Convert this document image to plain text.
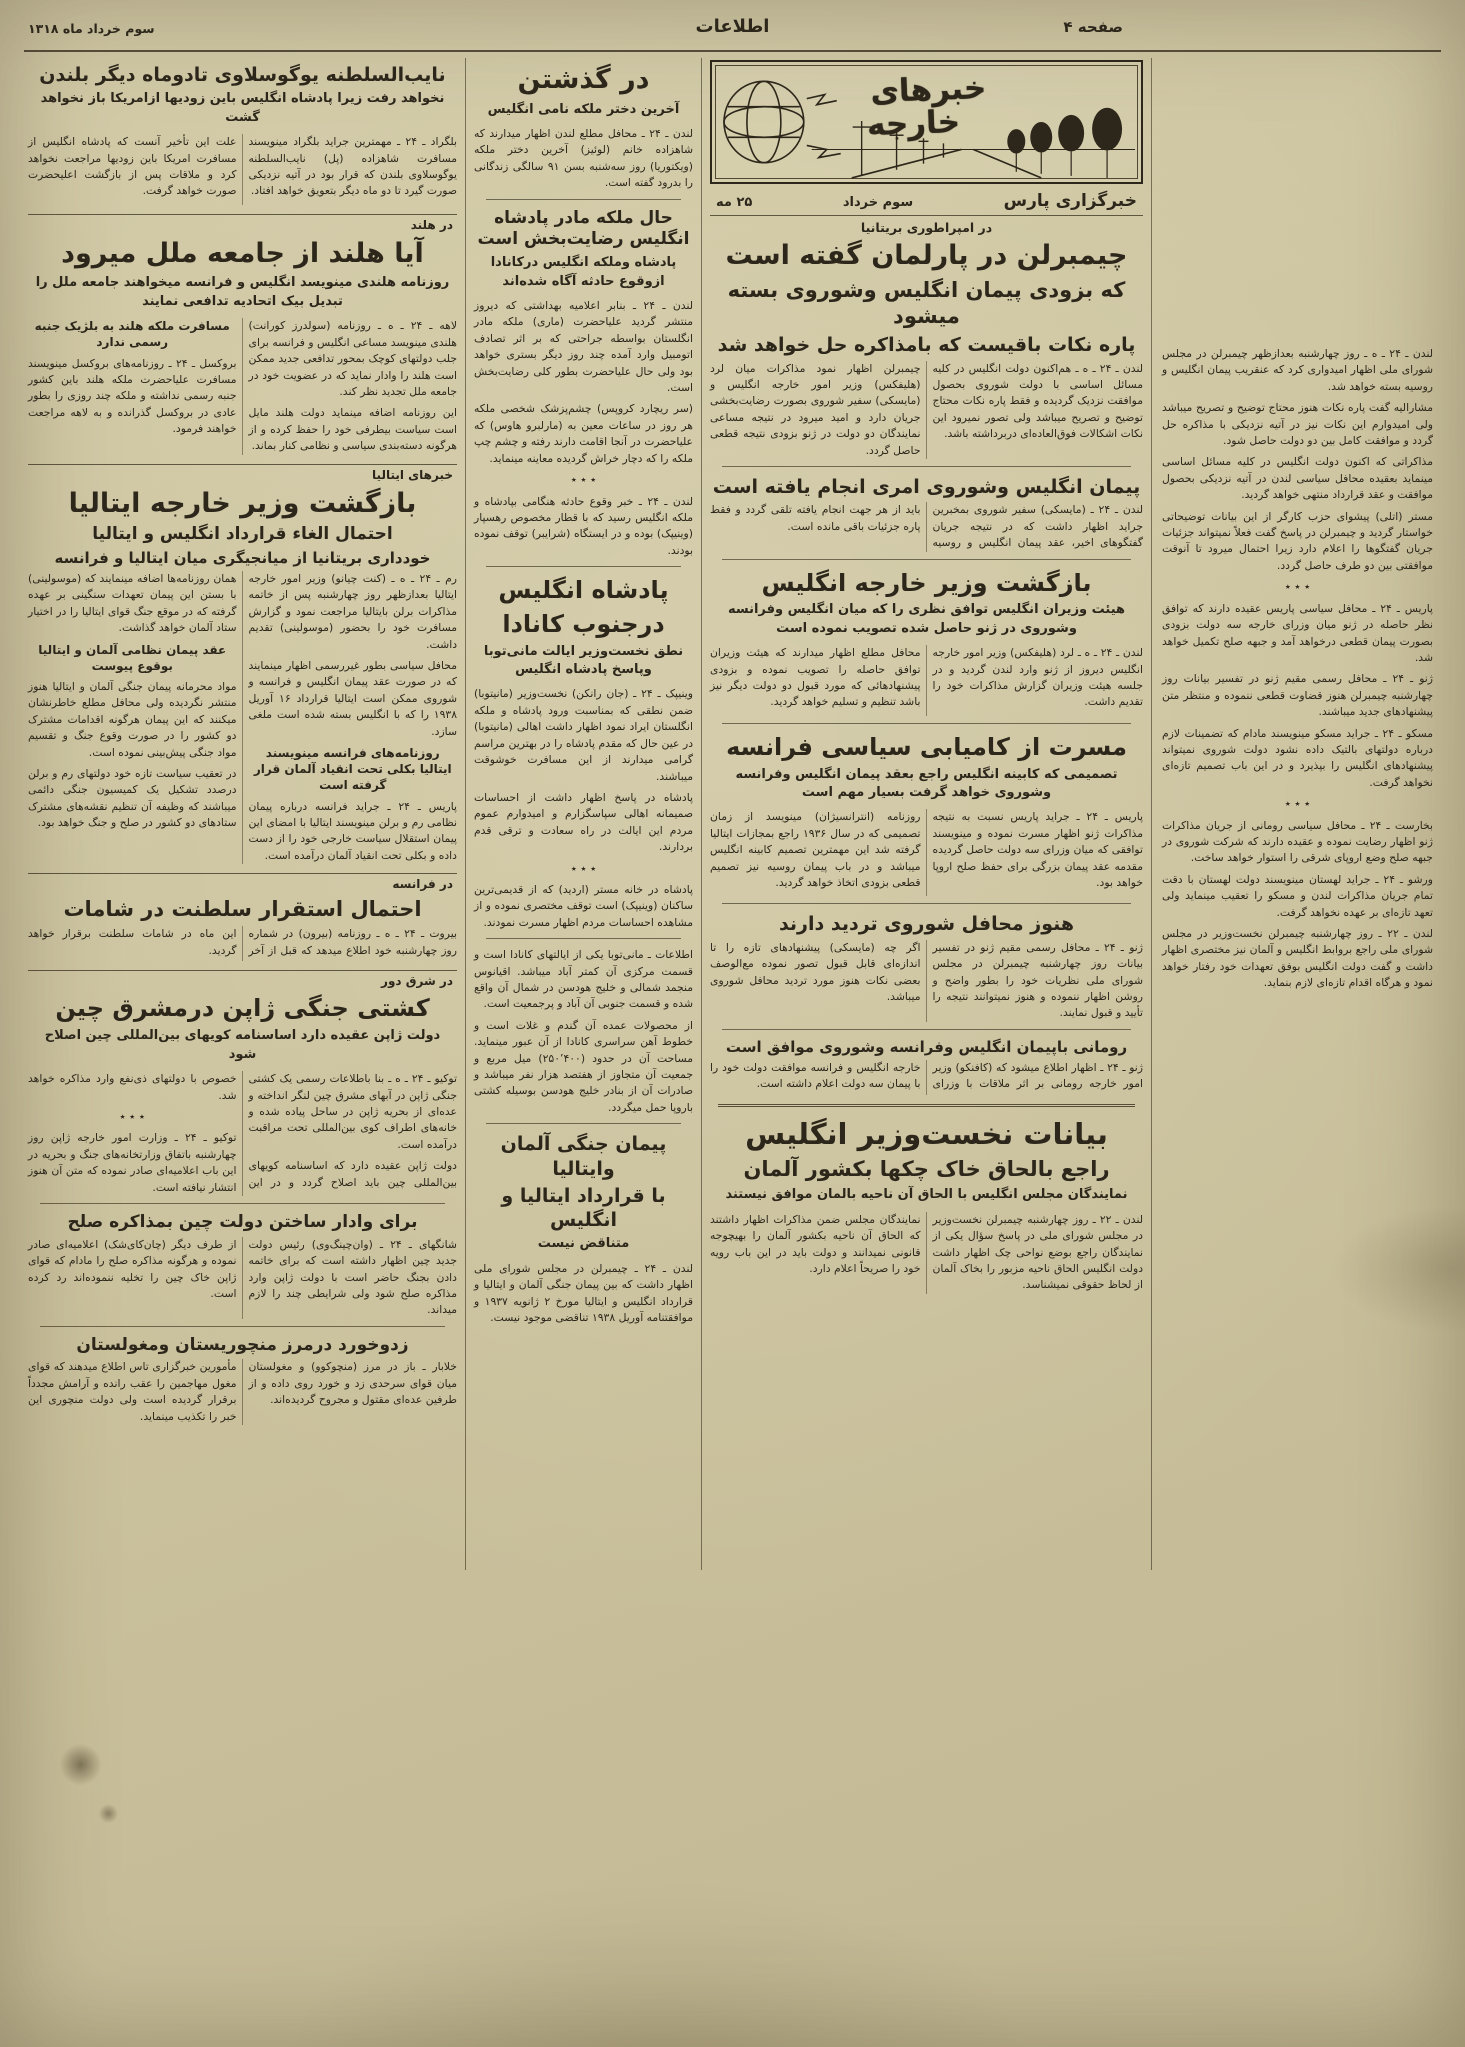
صفحه ۴
اطلاعات
سوم خرداد ماه ۱۳۱۸

لندن ـ ۲۴ ـ ه ـ روز چهارشنبه بعدازظهر چیمبرلن در مجلس شورای ملی اظهار امیدواری کرد که عنقریب پیمان انگلیس و روسیه بسته خواهد شد.

مشارالیه گفت پاره نکات هنوز محتاج توضیح و تصریح میباشد ولی امیدوارم این نکات نیز در آتیه نزدیکی با مذاکره حل گردد و موافقت کامل بین دو دولت حاصل شود.

مذاکراتی که اکنون دولت انگلیس در کلیه مسائل اساسی مینماید بعقیده محافل سیاسی لندن در آتیه نزدیکی بحصول موافقت و عقد قرارداد منتهی خواهد گردید.

مستر (اتلی) پیشوای حزب کارگر از این بیانات توضیحاتی خواستار گردید و چیمبرلن در پاسخ گفت فعلاً نمیتواند جزئیات جریان گفتگوها را اعلام دارد زیرا احتمال میرود تا آنوقت موافقتی بین دو طرف حاصل گردد.

٭ ٭ ٭

پاریس ـ ۲۴ ـ محافل سیاسی پاریس عقیده دارند که توافق نظر حاصله در ژنو میان وزرای خارجه سه دولت بزودی بصورت پیمان قطعی درخواهد آمد و جبهه صلح تکمیل خواهد شد.

ژنو ـ ۲۴ ـ محافل رسمی مقیم ژنو در تفسیر بیانات روز چهارشنبه چیمبرلن هنوز قضاوت قطعی ننموده و منتظر متن پیشنهادهای جدید میباشند.

مسکو ـ ۲۴ ـ جراید مسکو مینویسند مادام که تضمینات لازم درباره دولتهای بالتیک داده نشود دولت شوروی نمیتواند پیشنهادهای انگلیس را بپذیرد و در این باب تصمیم تازه‌ای نخواهد گرفت.

٭ ٭ ٭

بخارست ـ ۲۴ ـ محافل سیاسی رومانی از جریان مذاکرات ژنو اظهار رضایت نموده و عقیده دارند که شرکت شوروی در جبهه صلح وضع اروپای شرقی را استوار خواهد ساخت.

ورشو ـ ۲۴ ـ جراید لهستان مینویسند دولت لهستان با دقت تمام جریان مذاکرات لندن و مسکو را تعقیب مینماید ولی تعهد تازه‌ای بر عهده نخواهد گرفت.

لندن ـ ۲۲ ـ روز چهارشنبه چیمبرلن نخست‌وزیر در مجلس شورای ملی راجع بروابط انگلیس و آلمان نیز مختصری اظهار داشت و گفت دولت انگلیس بوفق تعهدات خود رفتار خواهد نمود و هرگاه اقدام تازه‌ای لازم بنماید.

خبرهای
خارجه
خبرگزاری پارس
سوم خرداد
۲۵ مه
در امپراطوری بریتانیا
چیمبرلن در پارلمان گفته است
که بزودی پیمان انگلیس وشوروی بسته میشود
پاره نکات باقیست که بامذاکره حل خواهد شد

لندن ـ ۲۴ ـ ه ـ هم‌اکنون دولت انگلیس در کلیه مسائل اساسی با دولت شوروی بحصول موافقت نزدیک گردیده و فقط پاره نکات محتاج توضیح و تصریح میباشد ولی تصور نمیرود این نکات اشکالات فوق‌العاده‌ای دربرداشته باشد.

چیمبرلن اظهار نمود مذاکرات میان لرد (هلیفکس) وزیر امور خارجه انگلیس و (مایسکی) سفیر شوروی بصورت رضایت‌بخشی جریان دارد و امید میرود در نتیجه مساعی نمایندگان دو دولت در ژنو بزودی نتیجه قطعی حاصل گردد.

پیمان انگلیس وشوروی امری انجام یافته است

لندن ـ ۲۴ ـ (مایسکی) سفیر شوروی بمخبرین جراید اظهار داشت که در نتیجه جریان گفتگوهای اخیر، عقد پیمان انگلیس و روسیه باید از هر جهت انجام یافته تلقی گردد و فقط پاره جزئیات باقی مانده است.

بازگشت وزیر خارجه انگلیس
هیئت وزیران انگلیس توافق نظری را که میان انگلیس وفرانسه وشوروی در ژنو حاصل شده تصویب نموده است

لندن ـ ۲۴ ـ ه ـ لرد (هلیفکس) وزیر امور خارجه انگلیس دیروز از ژنو وارد لندن گردید و در جلسه هیئت وزیران گزارش مذاکرات خود را تقدیم داشت.

محافل مطلع اظهار میدارند که هیئت وزیران توافق حاصله را تصویب نموده و بزودی پیشنهادهائی که مورد قبول دو دولت دیگر نیز باشد تنظیم و تسلیم خواهد گردید.

مسرت از کامیابی سیاسی فرانسه
تصمیمی که کابینه انگلیس راجع بعقد پیمان انگلیس وفرانسه وشوروی خواهد گرفت بسیار مهم است

پاریس ـ ۲۴ ـ جراید پاریس نسبت به نتیجه مذاکرات ژنو اظهار مسرت نموده و مینویسند توافقی که میان وزرای سه دولت حاصل گردیده مقدمه عقد پیمان بزرگی برای حفظ صلح اروپا خواهد بود.

روزنامه (انترانسیژان) مینویسد از زمان تصمیمی که در سال ۱۹۳۶ راجع بمجازات ایتالیا گرفته شد این مهمترین تصمیم کابینه انگلیس میباشد و در باب پیمان روسیه نیز تصمیم قطعی بزودی اتخاذ خواهد گردید.

هنوز محافل شوروی تردید دارند

ژنو ـ ۲۴ ـ محافل رسمی مقیم ژنو در تفسیر بیانات روز چهارشنبه چیمبرلن در مجلس شورای ملی نظریات خود را بطور واضح و روشن اظهار ننموده و هنوز نمیتوانند نتیجه را تأیید و قبول نمایند.

اگر چه (مایسکی) پیشنهادهای تازه را تا اندازه‌ای قابل قبول تصور نموده مع‌الوصف بعضی نکات هنوز مورد تردید محافل شوروی میباشد.

رومانی باپیمان انگلیس وفرانسه وشوروی موافق است

ژنو ـ ۲۴ ـ اظهار اطلاع میشود که (کافنکو) وزیر امور خارجه رومانی بر اثر ملاقات با وزرای خارجه انگلیس و فرانسه موافقت دولت خود را با پیمان سه دولت اعلام داشته است.

بیانات نخست‌وزیر انگلیس
راجع بالحاق خاک چکها بکشور آلمان
نمایندگان مجلس انگلیس با الحاق آن ناحیه بالمان موافق نیستند

لندن ـ ۲۲ ـ روز چهارشنبه چیمبرلن نخست‌وزیر در مجلس شورای ملی در پاسخ سؤال یکی از نمایندگان راجع بوضع نواحی چک اظهار داشت دولت انگلیس الحاق ناحیه مزبور را بخاک آلمان از لحاظ حقوقی نمیشناسد.

نمایندگان مجلس ضمن مذاکرات اظهار داشتند که الحاق آن ناحیه بکشور آلمان را بهیچوجه قانونی نمیدانند و دولت باید در این باب رویه خود را صریحاً اعلام دارد.

در گذشتن
آخرین دختر ملکه نامی انگلیس

لندن ـ ۲۴ ـ محافل مطلع لندن اظهار میدارند که شاهزاده خانم (لوئیز) آخرین دختر ملکه (ویکتوریا) روز سه‌شنبه بسن ۹۱ سالگی زندگانی را بدرود گفته است.

حال ملکه مادر پادشاه انگلیس رضایت‌بخش است
پادشاه وملکه انگلیس درکانادا ازوقوع حادثه آگاه شده‌اند

لندن ـ ۲۴ ـ بنابر اعلامیه بهداشتی که دیروز منتشر گردید علیاحضرت (ماری) ملکه مادر انگلستان بواسطه جراحتی که بر اثر تصادف اتومبیل وارد آمده چند روز دیگر بستری خواهد بود ولی حال علیاحضرت بطور کلی رضایت‌بخش است.

(سر ریچارد کروپس) چشم‌پزشک شخصی ملکه هر روز در ساعات معین به (مارلبرو هاوس) که علیاحضرت در آنجا اقامت دارند رفته و چشم چپ ملکه را که دچار خراش گردیده معاینه مینماید.

٭ ٭ ٭

لندن ـ ۲۴ ـ خبر وقوع حادثه هنگامی بپادشاه و ملکه انگلیس رسید که با قطار مخصوص رهسپار (وینیپک) بوده و در ایستگاه (شرایبر) توقف نموده بودند.

پادشاه انگلیس
درجنوب کانادا
نطق نخست‌وزیر ایالت مانی‌توبا وپاسخ پادشاه انگلیس

وینیپک ـ ۲۴ ـ (جان رانکن) نخست‌وزیر (مانیتوبا) ضمن نطقی که بمناسبت ورود پادشاه و ملکه انگلستان ایراد نمود اظهار داشت اهالی (مانیتوبا) در عین حال که مقدم پادشاه را در بهترین مراسم گرامی میدارند از این مسافرت خوشوقت میباشند.

پادشاه در پاسخ اظهار داشت از احساسات صمیمانه اهالی سپاسگزارم و امیدوارم عموم مردم این ایالت در راه سعادت و ترقی قدم بردارند.

٭ ٭ ٭

پادشاه در خانه مستر (اردید) که از قدیمی‌ترین ساکنان (وینیپک) است توقف مختصری نموده و از مشاهده احساسات مردم اظهار مسرت نمودند.

اطلاعات ـ مانی‌توبا یکی از ایالتهای کانادا است و قسمت مرکزی آن کمتر آباد میباشد. اقیانوس منجمد شمالی و خلیج هودسن در شمال آن واقع شده و قسمت جنوبی آن آباد و پرجمعیت است.

از محصولات عمده آن گندم و غلات است و خطوط آهن سراسری کانادا از آن عبور مینماید. مساحت آن در حدود (۲۵۰٬۴۰۰) میل مربع و جمعیت آن متجاوز از هفتصد هزار نفر میباشد و صادرات آن از بنادر خلیج هودسن بوسیله کشتی باروپا حمل میگردد.

پیمان جنگی آلمان وایتالیا
با قرارداد ایتالیا و انگلیس
متناقض نیست

لندن ـ ۲۴ ـ چیمبرلن در مجلس شورای ملی اظهار داشت که بین پیمان جنگی آلمان و ایتالیا و قرارداد انگلیس و ایتالیا مورخ ۲ ژانویه ۱۹۳۷ و موافقتنامه آوریل ۱۹۳۸ تناقضی موجود نیست.

نایب‌السلطنه یوگوسلاوی تادوماه دیگر بلندن
نخواهد رفت زیرا پادشاه انگلیس باین زودیها ازامریکا باز نخواهد گشت

بلگراد ـ ۲۴ ـ مهمترین جراید بلگراد مینویسند مسافرت شاهزاده (پل) نایب‌السلطنه یوگوسلاوی بلندن که قرار بود در آتیه نزدیکی صورت گیرد تا دو ماه دیگر بتعویق خواهد افتاد.

علت این تأخیر آنست که پادشاه انگلیس از مسافرت امریکا باین زودیها مراجعت نخواهد کرد و ملاقات پس از بازگشت اعلیحضرت صورت خواهد گرفت.

در هلند
آیا هلند از جامعه ملل میرود
روزنامه هلندی مینویسد انگلیس و فرانسه میخواهند جامعه ملل را تبدیل بیک اتحادیه تدافعی نمایند

لاهه ـ ۲۴ ـ ه ـ روزنامه (سولدرز کورانت) هلندی مینویسد مساعی انگلیس و فرانسه برای جلب دولتهای کوچک بمحور تدافعی جدید ممکن است هلند را وادار نماید که در عضویت خود در جامعه ملل تجدید نظر کند.

این روزنامه اضافه مینماید دولت هلند مایل است سیاست بیطرفی خود را حفظ کرده و از هرگونه دسته‌بندی سیاسی و نظامی کنار بماند.

مسافرت ملکه هلند به بلژیک جنبه رسمی ندارد

بروکسل ـ ۲۴ ـ روزنامه‌های بروکسل مینویسند مسافرت علیاحضرت ملکه هلند باین کشور جنبه رسمی نداشته و ملکه چند روزی را بطور عادی در بروکسل گذرانده و به لاهه مراجعت خواهند فرمود.

خبرهای ایتالیا
بازگشت وزیر خارجه ایتالیا
احتمال الغاء قرارداد انگلیس و ایتالیا
خودداری بریتانیا از میانجیگری میان ایتالیا و فرانسه

رم ـ ۲۴ ـ ه ـ (کنت چیانو) وزیر امور خارجه ایتالیا بعدازظهر روز چهارشنبه پس از خاتمه مذاکرات برلن بایتالیا مراجعت نمود و گزارش مسافرت خود را بحضور (موسولینی) تقدیم داشت.

محافل سیاسی بطور غیررسمی اظهار مینمایند که در صورت عقد پیمان انگلیس و فرانسه و شوروی ممکن است ایتالیا قرارداد ۱۶ آوریل ۱۹۳۸ را که با انگلیس بسته شده است ملغی سازد.

روزنامه‌های فرانسه مینویسند ایتالیا بکلی تحت انقیاد آلمان قرار گرفته است

پاریس ـ ۲۴ ـ جراید فرانسه درباره پیمان نظامی رم و برلن مینویسند ایتالیا با امضای این پیمان استقلال سیاست خارجی خود را از دست داده و بکلی تحت انقیاد آلمان درآمده است.

همان روزنامه‌ها اضافه مینمایند که (موسولینی) با بستن این پیمان تعهدات سنگینی بر عهده گرفته که در موقع جنگ قوای ایتالیا را در اختیار ستاد آلمان خواهد گذاشت.

عقد پیمان نظامی آلمان و ایتالیا بوقوع پیوست

مواد محرمانه پیمان جنگی آلمان و ایتالیا هنوز منتشر نگردیده ولی محافل مطلع خاطرنشان میکنند که این پیمان هرگونه اقدامات مشترک دو کشور را در صورت وقوع جنگ و تقسیم مواد جنگی پیش‌بینی نموده است.

در تعقیب سیاست تازه خود دولتهای رم و برلن درصدد تشکیل یک کمیسیون جنگی دائمی میباشند که وظیفه آن تنظیم نقشه‌های مشترک ستادهای دو کشور در صلح و جنگ خواهد بود.

در فرانسه
احتمال استقرار سلطنت در شامات

بیروت ـ ۲۴ ـ ه ـ روزنامه (بیرون) در شماره روز چهارشنبه خود اطلاع میدهد که قبل از آخر این ماه در شامات سلطنت برقرار خواهد گردید.

در شرق دور
کشتی جنگی ژاپن درمشرق چین
دولت ژاپن عقیده دارد اساسنامه کویهای بین‌المللی چین اصلاح شود

توکیو ـ ۲۴ ـ ه ـ بنا باطلاعات رسمی یک کشتی جنگی ژاپن در آبهای مشرق چین لنگر انداخته و عده‌ای از بحریه ژاپن در ساحل پیاده شده و خانه‌های اطراف کوی بین‌المللی تحت مراقبت درآمده است.

دولت ژاپن عقیده دارد که اساسنامه کویهای بین‌المللی چین باید اصلاح گردد و در این خصوص با دولتهای ذی‌نفع وارد مذاکره خواهد شد.

٭ ٭ ٭

توکیو ـ ۲۴ ـ وزارت امور خارجه ژاپن روز چهارشنبه باتفاق وزارتخانه‌های جنگ و بحریه در این باب اعلامیه‌ای صادر نموده که متن آن هنوز انتشار نیافته است.

برای وادار ساختن دولت چین بمذاکره صلح

شانگهای ـ ۲۴ ـ (وان‌چینگ‌وی) رئیس دولت جدید چین اظهار داشته است که برای خاتمه دادن بجنگ حاضر است با دولت ژاپن وارد مذاکره صلح شود ولی شرایطی چند را لازم میداند.

از طرف دیگر (چان‌کای‌شک) اعلامیه‌ای صادر نموده و هرگونه مذاکره صلح را مادام که قوای ژاپن خاک چین را تخلیه ننموده‌اند رد کرده است.

زدوخورد درمرز منچوریستان ومغولستان

خلابار ـ باز در مرز (منچوکوو) و مغولستان میان قوای سرحدی زد و خورد روی داده و از طرفین عده‌ای مقتول و مجروح گردیده‌اند.

مأمورین خبرگزاری تاس اطلاع میدهند که قوای مغول مهاجمین را عقب رانده و آرامش مجدداً برقرار گردیده است ولی دولت منچوری این خبر را تکذیب مینماید.
